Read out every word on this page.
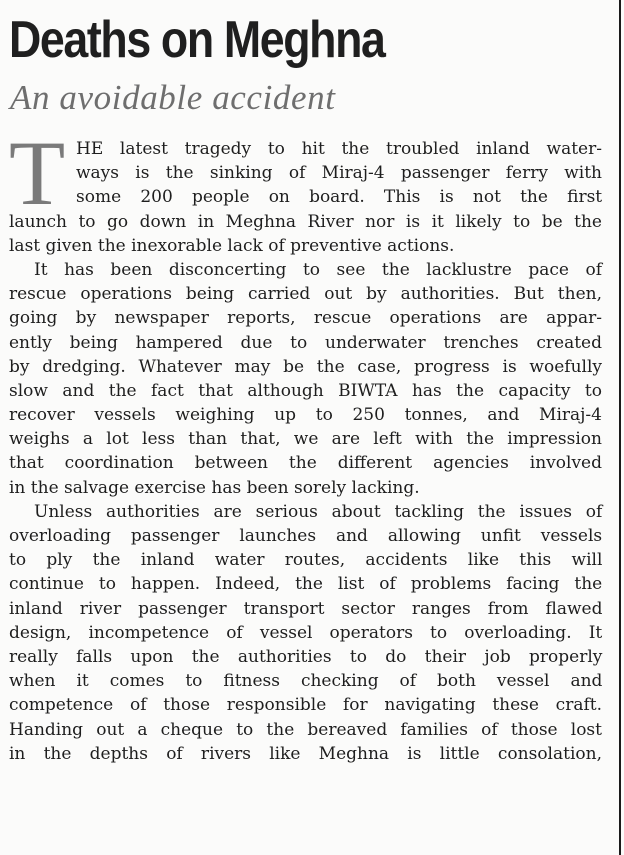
Deaths on Meghna
An avoidable accident
T HE latest tragedy to hit the troubled inland water-
ways is the sinking of Miraj-4 passenger ferry with
some 200 people on board. This is not the first
launch to go down in Meghna River nor is it likely to be the
last given the inexorable lack of preventive actions.
It has been disconcerting to see the lacklustre pace of
rescue operations being carried out by authorities. But then,
going by newspaper reports, rescue operations are appar-
ently being hampered due to underwater trenches created
by dredging. Whatever may be the case, progress is woefully
slow and the fact that although BIWTA has the capacity to
recover vessels weighing up to 250 tonnes, and Miraj-4
weighs a lot less than that, we are left with the impression
that coordination between the different agencies involved
in the salvage exercise has been sorely lacking.
Unless authorities are serious about tackling the issues of
overloading passenger launches and allowing unfit vessels
to ply the inland water routes, accidents like this will
continue to happen. Indeed, the list of problems facing the
inland river passenger transport sector ranges from flawed
design, incompetence of vessel operators to overloading. It
really falls upon the authorities to do their job properly
when it comes to fitness checking of both vessel and
competence of those responsible for navigating these craft.
Handing out a cheque to the bereaved families of those lost
in the depths of rivers like Meghna is little consolation,
